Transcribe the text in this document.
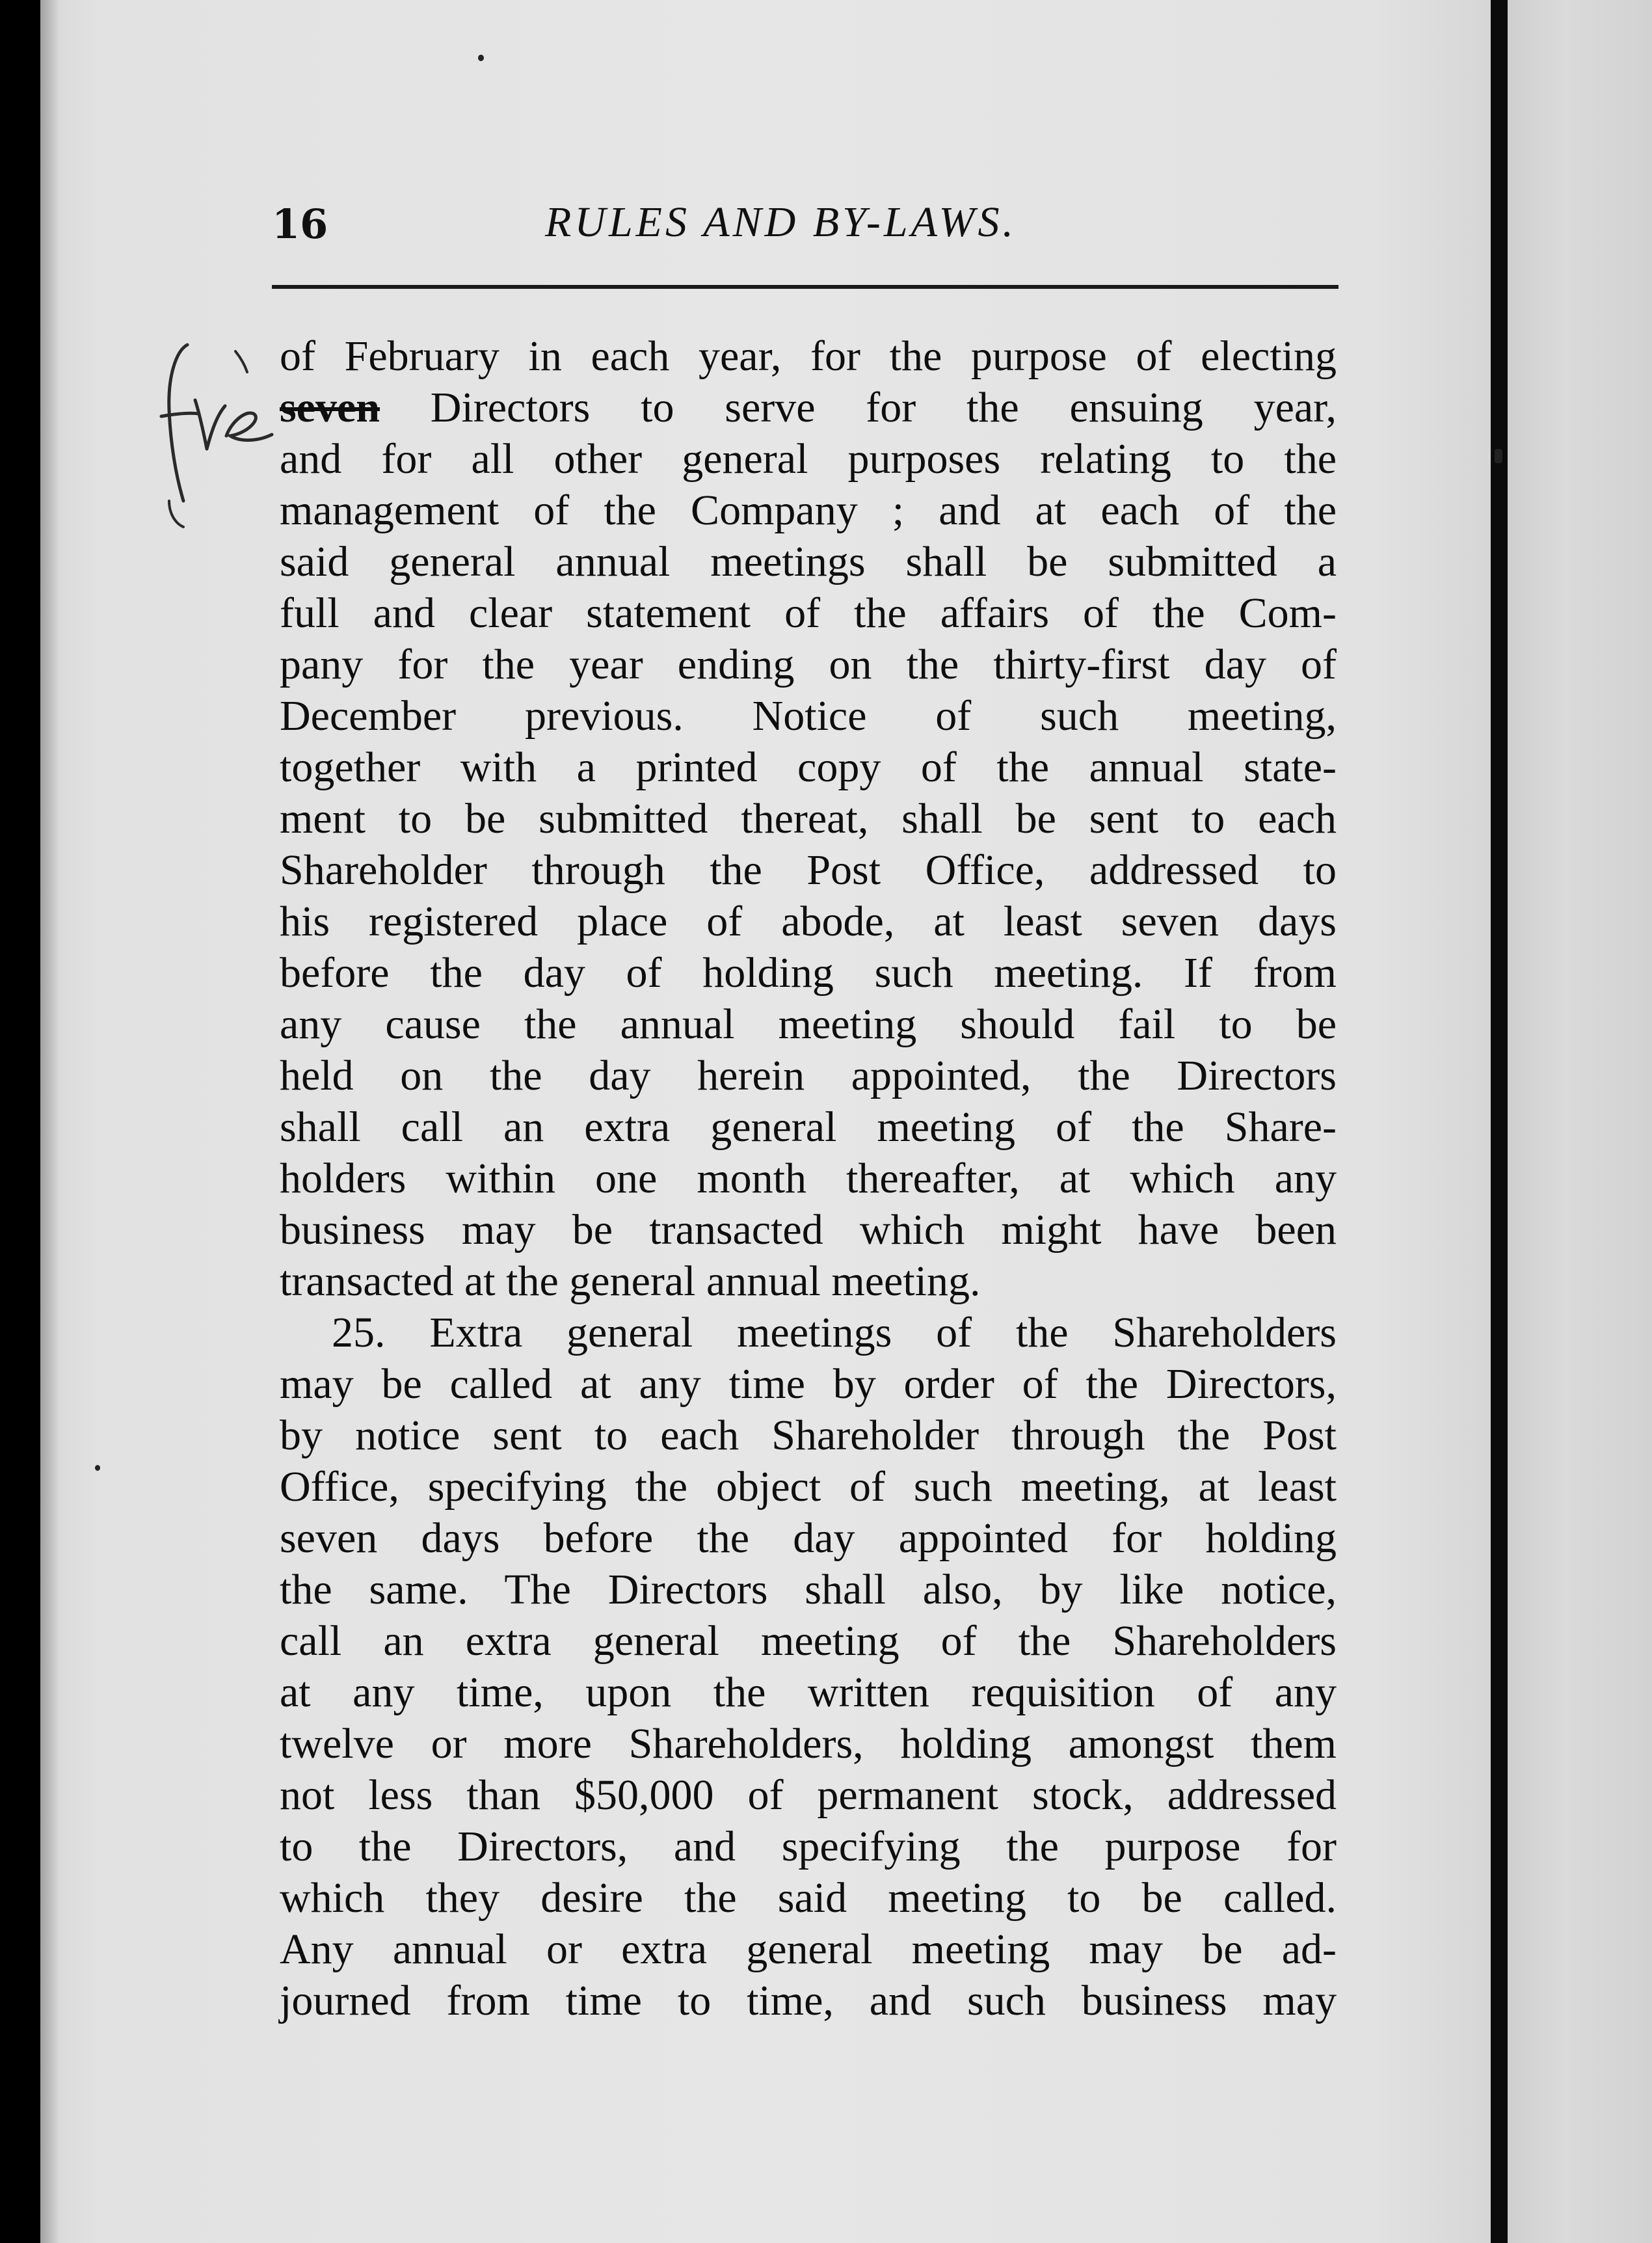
16	RULES AND BY-LAWS.
of February in each year, for the purpose of electing
seven Directors to serve for the ensuing year,
and for all other general purposes relating to the
management of the Company ; and at each of the
said general annual meetings shall be submitted a
full and clear statement of the affairs of the Com-
pany for the year ending on the thirty-first day of
December previous. Notice of such meeting,
together with a printed copy of the annual state-
ment to be submitted thereat, shall be sent to each
Shareholder through the Post Office, addressed to
his registered place of abode, at least seven days
before the day of holding such meeting. If from
any cause the annual meeting should fail to be
held on the day herein appointed, the Directors
shall call an extra general meeting of the Share-
holders within one month thereafter, at which any
business may be transacted which might have been
transacted at the general annual meeting.
25. Extra general meetings of the Shareholders
may be called at any time by order of the Directors,
by notice sent to each Shareholder through the Post
Office, specifying the object of such meeting, at least
seven days before the day appointed for holding
the same. The Directors shall also, by like notice,
call an extra general meeting of the Shareholders
at any time, upon the written requisition of any
twelve or more Shareholders, holding amongst them
not less than $50,000 of permanent stock, addressed
to the Directors, and specifying the purpose for
which they desire the said meeting to be called.
Any annual or extra general meeting may be ad-
journed from time to time, and such business may
